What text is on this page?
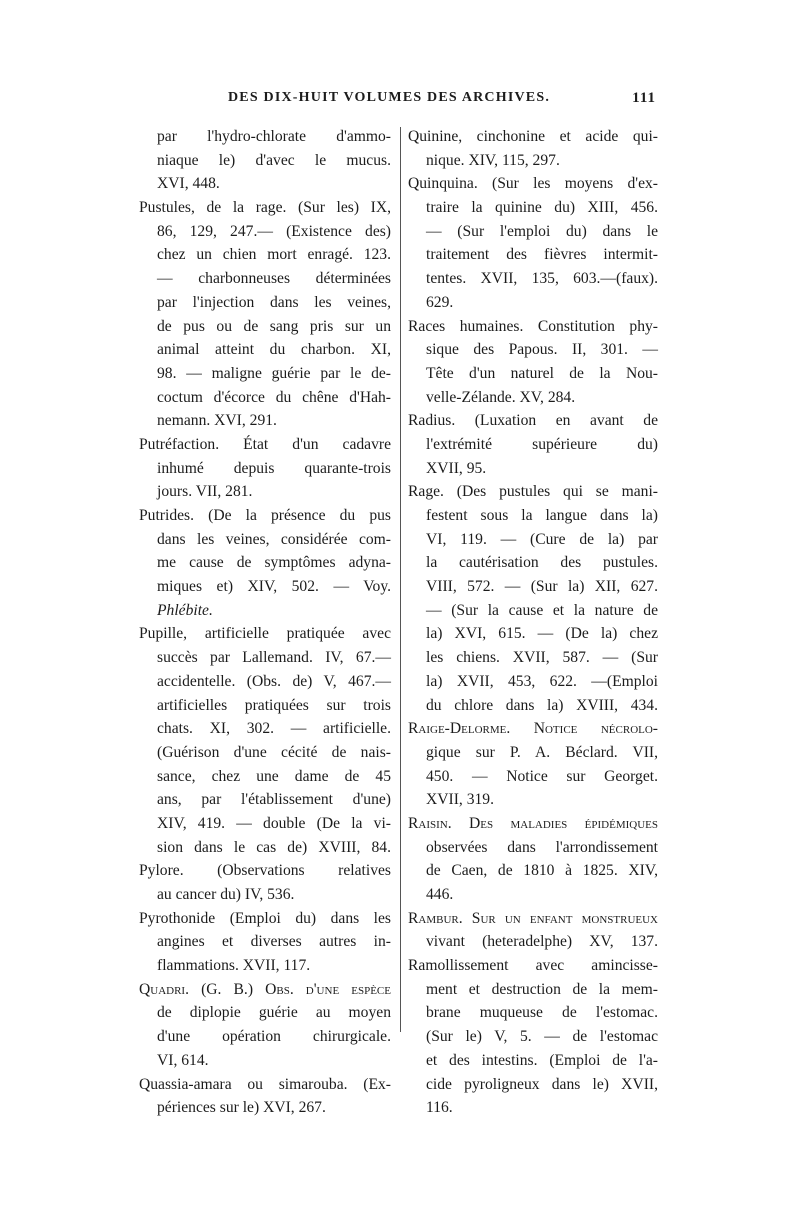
DES DIX-HUIT VOLUMES DES ARCHIVES.	111
par l'hydro-chlorate d'ammo-
niaque le) d'avec le mucus.
XVI, 448.
Pustules, de la rage. (Sur les) IX,
86, 129, 247.— (Existence des)
chez un chien mort enragé. 123.
— charbonneuses déterminées
par l'injection dans les veines,
de pus ou de sang pris sur un
animal atteint du charbon. XI,
98. — maligne guérie par le de-
coctum d'écorce du chêne d'Hah-
nemann. XVI, 291.
Putréfaction. État d'un cadavre
inhumé depuis quarante-trois
jours. VII, 281.
Putrides. (De la présence du pus
dans les veines, considérée com-
me cause de symptômes adyna-
miques et) XIV, 502. — Voy.
Phlébite.
Pupille, artificielle pratiquée avec
succès par Lallemand. IV, 67.—
accidentelle. (Obs. de) V, 467.—
artificielles pratiquées sur trois
chats. XI, 302. — artificielle.
(Guérison d'une cécité de nais-
sance, chez une dame de 45
ans, par l'établissement d'une)
XIV, 419. — double (De la vi-
sion dans le cas de) XVIII, 84.
Pylore. (Observations relatives
au cancer du) IV, 536.
Pyrothonide (Emploi du) dans les
angines et diverses autres in-
flammations. XVII, 117.
Quadri. (G. B.) Obs. d'une espèce
de diplopie guérie au moyen
d'une opération chirurgicale.
VI, 614.
Quassia-amara ou simarouba. (Ex-
périences sur le) XVI, 267.
Quinine, cinchonine et acide qui-
nique. XIV, 115, 297.
Quinquina. (Sur les moyens d'ex-
traire la quinine du) XIII, 456.
— (Sur l'emploi du) dans le
traitement des fièvres intermit-
tentes. XVII, 135, 603.—(faux).
629.
Races humaines. Constitution phy-
sique des Papous. II, 301. —
Tête d'un naturel de la Nou-
velle-Zélande. XV, 284.
Radius. (Luxation en avant de
l'extrémité supérieure du)
XVII, 95.
Rage. (Des pustules qui se mani-
festent sous la langue dans la)
VI, 119. — (Cure de la) par
la cautérisation des pustules.
VIII, 572. — (Sur la) XII, 627.
— (Sur la cause et la nature de
la) XVI, 615. — (De la) chez
les chiens. XVII, 587. — (Sur
la) XVII, 453, 622. —(Emploi
du chlore dans la) XVIII, 434.
Raige-Delorme. Notice nécrolo-
gique sur P. A. Béclard. VII,
450. — Notice sur Georget.
XVII, 319.
Raisin. Des maladies épidémiques
observées dans l'arrondissement
de Caen, de 1810 à 1825. XIV,
446.
Rambur. Sur un enfant monstrueux
vivant (heteradelphe) XV, 137.
Ramollissement avec amincisse-
ment et destruction de la mem-
brane muqueuse de l'estomac.
(Sur le) V, 5. — de l'estomac
et des intestins. (Emploi de l'a-
cide pyroligneux dans le) XVII,
116.
